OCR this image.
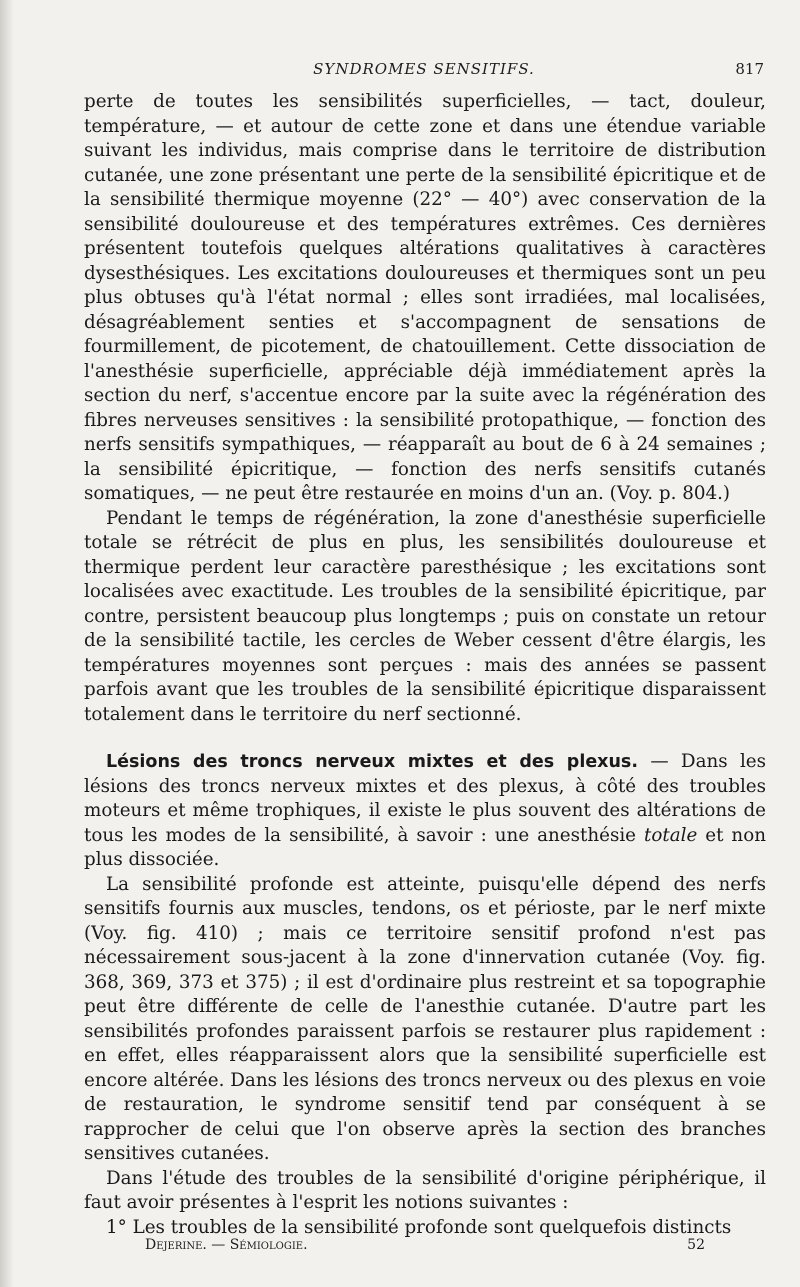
SYNDROMES SENSITIFS.	817

perte de toutes les sensibilités superficielles, — tact, douleur, température, — et autour de cette zone et dans une étendue variable suivant les individus, mais comprise dans le territoire de distribution cutanée, une zone présentant une perte de la sensibilité épicritique et de la sensibilité thermique moyenne (22° — 40°) avec conservation de la sensibilité douloureuse et des températures extrêmes. Ces dernières présentent toutefois quelques altérations qualitatives à caractères dysesthésiques. Les excitations douloureuses et thermiques sont un peu plus obtuses qu'à l'état normal ; elles sont irradiées, mal localisées, désagréablement senties et s'accompagnent de sensations de fourmillement, de picotement, de chatouillement. Cette dissociation de l'anesthésie superficielle, appréciable déjà immédiatement après la section du nerf, s'accentue encore par la suite avec la régénération des fibres nerveuses sensitives : la sensibilité protopathique, — fonction des nerfs sensitifs sympathiques, — réapparaît au bout de 6 à 24 semaines ; la sensibilité épicritique, — fonction des nerfs sensitifs cutanés somatiques, — ne peut être restaurée en moins d'un an. (Voy. p. 804.)

Pendant le temps de régénération, la zone d'anesthésie superficielle totale se rétrécit de plus en plus, les sensibilités douloureuse et thermique perdent leur caractère paresthésique ; les excitations sont localisées avec exactitude. Les troubles de la sensibilité épicritique, par contre, persistent beaucoup plus longtemps ; puis on constate un retour de la sensibilité tactile, les cercles de Weber cessent d'être élargis, les températures moyennes sont perçues : mais des années se passent parfois avant que les troubles de la sensibilité épicritique disparaissent totalement dans le territoire du nerf sectionné.

Lésions des troncs nerveux mixtes et des plexus. — Dans les lésions des troncs nerveux mixtes et des plexus, à côté des troubles moteurs et même trophiques, il existe le plus souvent des altérations de tous les modes de la sensibilité, à savoir : une anesthésie totale et non plus dissociée.

La sensibilité profonde est atteinte, puisqu'elle dépend des nerfs sensitifs fournis aux muscles, tendons, os et périoste, par le nerf mixte (Voy. fig. 410) ; mais ce territoire sensitif profond n'est pas nécessairement sous-jacent à la zone d'innervation cutanée (Voy. fig. 368, 369, 373 et 375) ; il est d'ordinaire plus restreint et sa topographie peut être différente de celle de l'anesthie cutanée. D'autre part les sensibilités profondes paraissent parfois se restaurer plus rapidement : en effet, elles réapparaissent alors que la sensibilité superficielle est encore altérée. Dans les lésions des troncs nerveux ou des plexus en voie de restauration, le syndrome sensitif tend par conséquent à se rapprocher de celui que l'on observe après la section des branches sensitives cutanées.

Dans l'étude des troubles de la sensibilité d'origine périphérique, il faut avoir présentes à l'esprit les notions suivantes :

1° Les troubles de la sensibilité profonde sont quelquefois distincts

Dejerine. — Sémiologie.	52
